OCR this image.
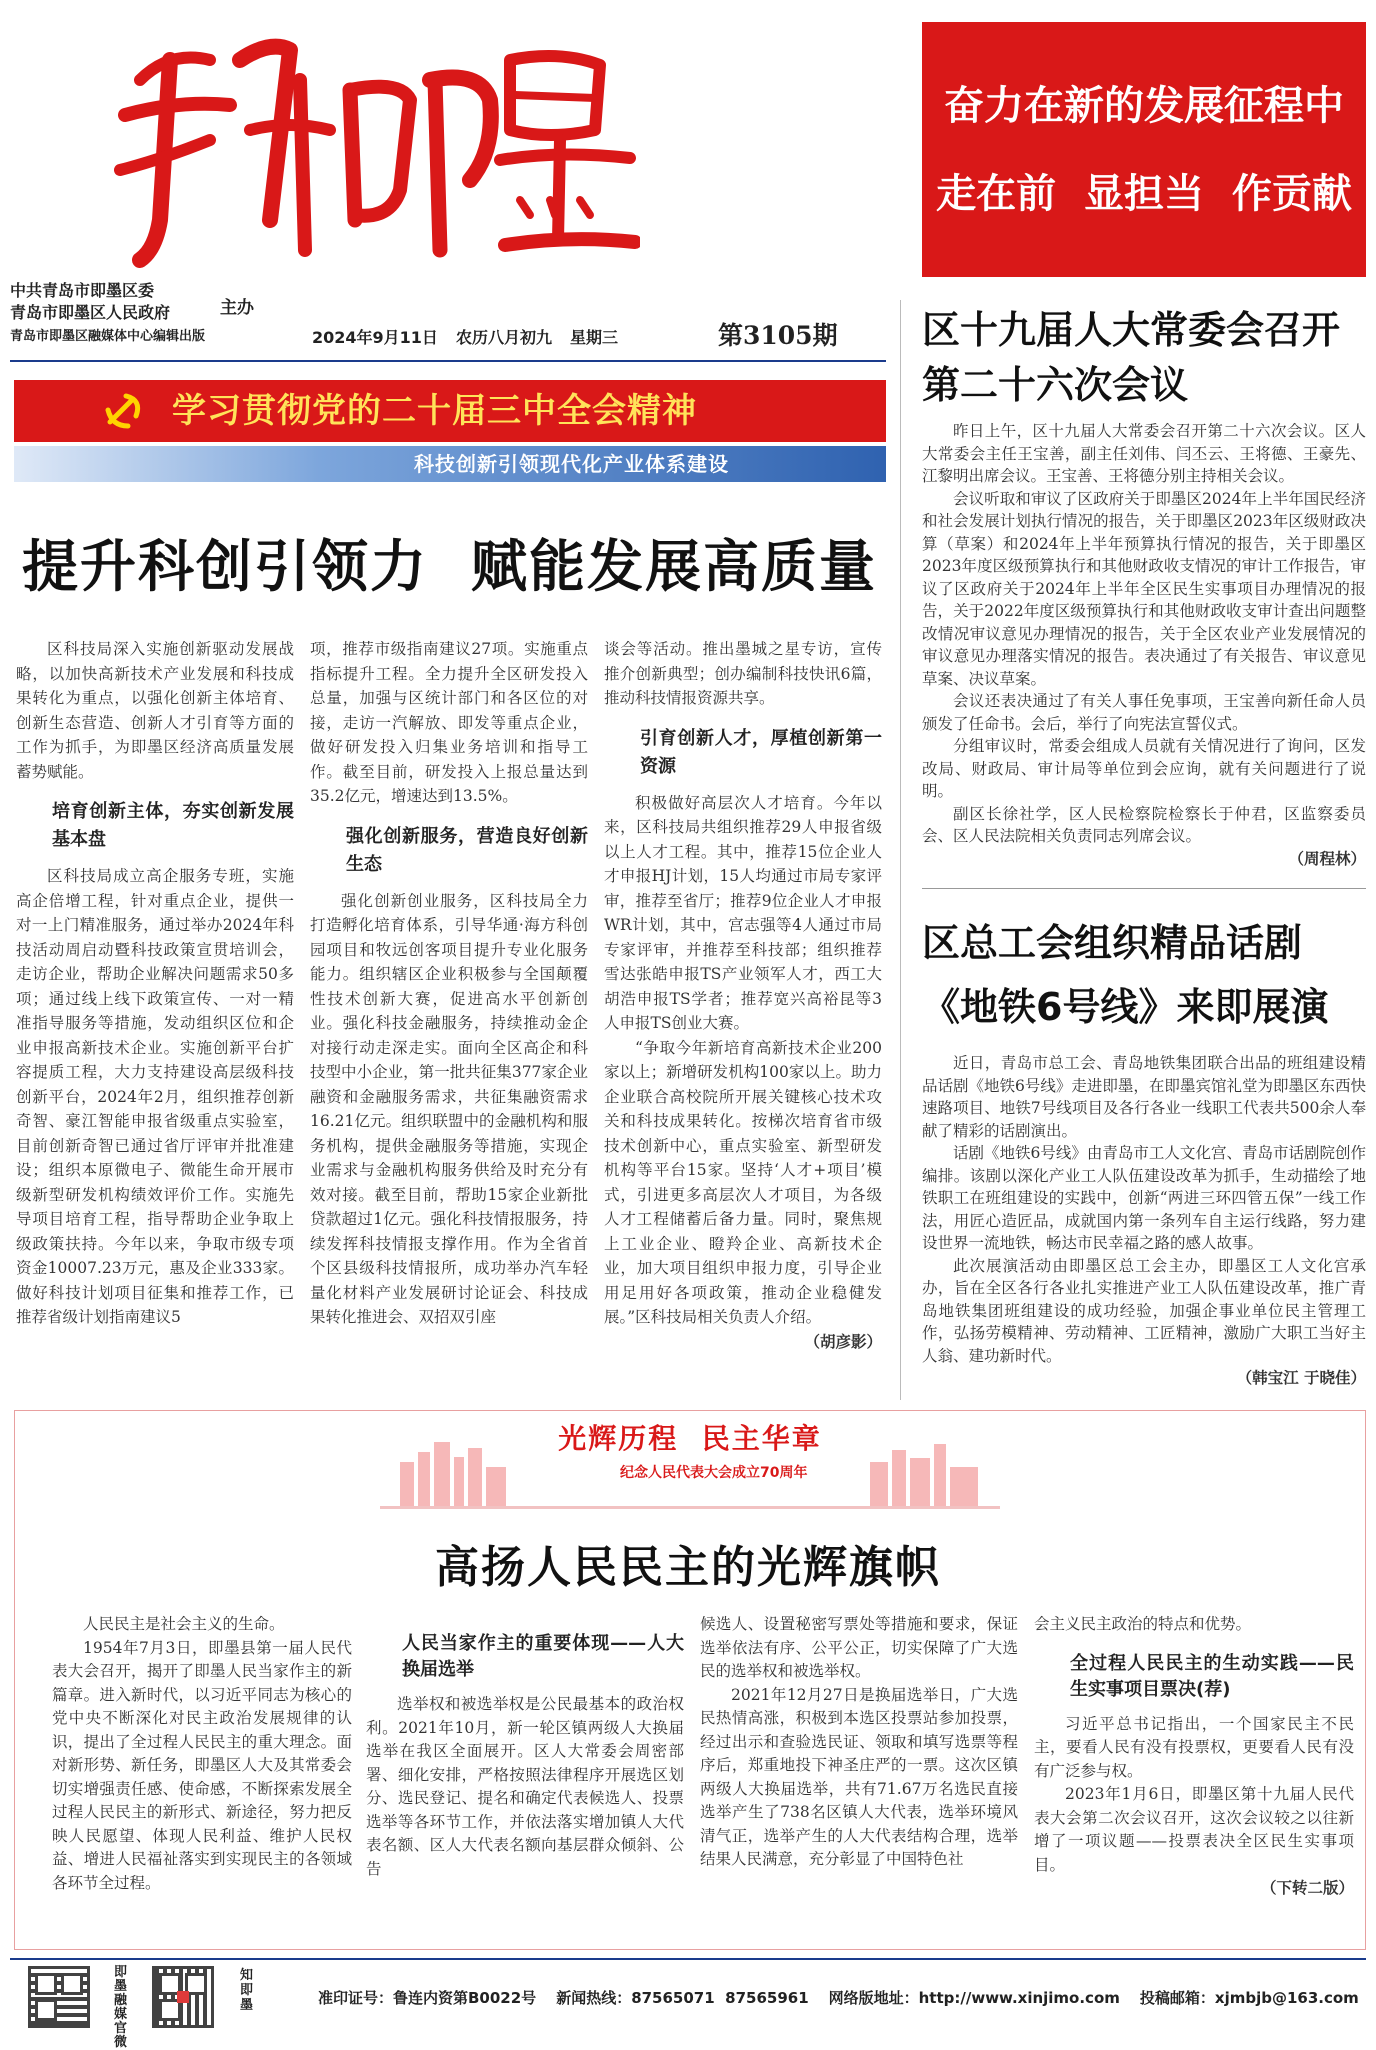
中共青岛市即墨区委
青岛市即墨区人民政府
青岛市即墨区融媒体中心编辑出版
主办
2024年9月11日 农历八月初九 星期三	第3105期
奋力在新的发展征程中
走在前  显担当  作贡献
学习贯彻党的二十届三中全会精神
科技创新引领现代化产业体系建设
提升科创引领力  赋能发展高质量

区科技局深入实施创新驱动发展战略，以加快高新技术产业发展和科技成果转化为重点，以强化创新主体培育、创新生态营造、创新人才引育等方面的工作为抓手，为即墨区经济高质量发展蓄势赋能。

培育创新主体，夯实创新发展基本盘

区科技局成立高企服务专班，实施高企倍增工程，针对重点企业，提供一对一上门精准服务，通过举办2024年科技活动周启动暨科技政策宣贯培训会，走访企业，帮助企业解决问题需求50多项；通过线上线下政策宣传、一对一精准指导服务等措施，发动组织区位和企业申报高新技术企业。实施创新平台扩容提质工程，大力支持建设高层级科技创新平台，2024年2月，组织推荐创新奇智、豪江智能申报省级重点实验室，目前创新奇智已通过省厅评审并批准建设；组织本原微电子、微能生命开展市级新型研发机构绩效评价工作。实施先导项目培育工程，指导帮助企业争取上级政策扶持。今年以来，争取市级专项资金10007.23万元，惠及企业333家。做好科技计划项目征集和推荐工作，已推荐省级计划指南建议5

项，推荐市级指南建议27项。实施重点指标提升工程。全力提升全区研发投入总量，加强与区统计部门和各区位的对接，走访一汽解放、即发等重点企业，做好研发投入归集业务培训和指导工作。截至目前，研发投入上报总量达到35.2亿元，增速达到13.5%。

强化创新服务，营造良好创新生态

强化创新创业服务，区科技局全力打造孵化培育体系，引导华通·海方科创园项目和牧远创客项目提升专业化服务能力。组织辖区企业积极参与全国颠覆性技术创新大赛，促进高水平创新创业。强化科技金融服务，持续推动金企对接行动走深走实。面向全区高企和科技型中小企业，第一批共征集377家企业融资和金融服务需求，共征集融资需求16.21亿元。组织联盟中的金融机构和服务机构，提供金融服务等措施，实现企业需求与金融机构服务供给及时充分有效对接。截至目前，帮助15家企业新批贷款超过1亿元。强化科技情报服务，持续发挥科技情报支撑作用。作为全省首个区县级科技情报所，成功举办汽车轻量化材料产业发展研讨论证会、科技成果转化推进会、双招双引座

谈会等活动。推出墨城之星专访，宣传推介创新典型；创办编制科技快讯6篇，推动科技情报资源共享。

引育创新人才，厚植创新第一资源

积极做好高层次人才培育。今年以来，区科技局共组织推荐29人申报省级以上人才工程。其中，推荐15位企业人才申报HJ计划，15人均通过市局专家评审，推荐至省厅；推荐9位企业人才申报WR计划，其中，宫志强等4人通过市局专家评审，并推荐至科技部；组织推荐雪达张皓申报TS产业领军人才，西工大胡浩申报TS学者；推荐宽兴高裕昆等3人申报TS创业大赛。

“争取今年新培育高新技术企业200家以上；新增研发机构100家以上。助力企业联合高校院所开展关键核心技术攻关和科技成果转化。按梯次培育省市级技术创新中心，重点实验室、新型研发机构等平台15家。坚持‘人才+项目’模式，引进更多高层次人才项目，为各级人才工程储蓄后备力量。同时，聚焦规上工业企业、瞪羚企业、高新技术企业，加大项目组织申报力度，引导企业用足用好各项政策，推动企业稳健发展。”区科技局相关负责人介绍。

（胡彦影）
区十九届人大常委会召开
第二十六次会议

昨日上午，区十九届人大常委会召开第二十六次会议。区人大常委会主任王宝善，副主任刘伟、闫丕云、王将德、王豪先、江黎明出席会议。王宝善、王将德分别主持相关会议。

会议听取和审议了区政府关于即墨区2024年上半年国民经济和社会发展计划执行情况的报告，关于即墨区2023年区级财政决算（草案）和2024年上半年预算执行情况的报告，关于即墨区2023年度区级预算执行和其他财政收支情况的审计工作报告，审议了区政府关于2024年上半年全区民生实事项目办理情况的报告，关于2022年度区级预算执行和其他财政收支审计查出问题整改情况审议意见办理情况的报告，关于全区农业产业发展情况的审议意见办理落实情况的报告。表决通过了有关报告、审议意见草案、决议草案。

会议还表决通过了有关人事任免事项，王宝善向新任命人员颁发了任命书。会后，举行了向宪法宣誓仪式。

分组审议时，常委会组成人员就有关情况进行了询问，区发改局、财政局、审计局等单位到会应询，就有关问题进行了说明。

副区长徐社学，区人民检察院检察长于仲君，区监察委员会、区人民法院相关负责同志列席会议。

（周程林）
区总工会组织精品话剧
《地铁6号线》来即展演

近日，青岛市总工会、青岛地铁集团联合出品的班组建设精品话剧《地铁6号线》走进即墨，在即墨宾馆礼堂为即墨区东西快速路项目、地铁7号线项目及各行各业一线职工代表共500余人奉献了精彩的话剧演出。

话剧《地铁6号线》由青岛市工人文化宫、青岛市话剧院创作编排。该剧以深化产业工人队伍建设改革为抓手，生动描绘了地铁职工在班组建设的实践中，创新“两进三环四管五保”一线工作法，用匠心造匠品，成就国内第一条列车自主运行线路，努力建设世界一流地铁，畅达市民幸福之路的感人故事。

此次展演活动由即墨区总工会主办，即墨区工人文化宫承办，旨在全区各行各业扎实推进产业工人队伍建设改革，推广青岛地铁集团班组建设的成功经验，加强企事业单位民主管理工作，弘扬劳模精神、劳动精神、工匠精神，激励广大职工当好主人翁、建功新时代。

（韩宝江 于晓佳）
光辉历程  民主华章
纪念人民代表大会成立70周年
高扬人民民主的光辉旗帜

人民民主是社会主义的生命。

1954年7月3日，即墨县第一届人民代表大会召开，揭开了即墨人民当家作主的新篇章。进入新时代，以习近平同志为核心的党中央不断深化对民主政治发展规律的认识，提出了全过程人民民主的重大理念。面对新形势、新任务，即墨区人大及其常委会切实增强责任感、使命感，不断探索发展全过程人民民主的新形式、新途径，努力把反映人民愿望、体现人民利益、维护人民权益、增进人民福祉落实到实现民主的各领域各环节全过程。

人民当家作主的重要体现——人大换届选举

选举权和被选举权是公民最基本的政治权利。2021年10月，新一轮区镇两级人大换届选举在我区全面展开。区人大常委会周密部署、细化安排，严格按照法律程序开展选区划分、选民登记、提名和确定代表候选人、投票选举等各环节工作，并依法落实增加镇人大代表名额、区人大代表名额向基层群众倾斜、公告

候选人、设置秘密写票处等措施和要求，保证选举依法有序、公平公正，切实保障了广大选民的选举权和被选举权。

2021年12月27日是换届选举日，广大选民热情高涨，积极到本选区投票站参加投票，经过出示和查验选民证、领取和填写选票等程序后，郑重地投下神圣庄严的一票。这次区镇两级人大换届选举，共有71.67万名选民直接选举产生了738名区镇人大代表，选举环境风清气正，选举产生的人大代表结构合理，选举结果人民满意，充分彰显了中国特色社

会主义民主政治的特点和优势。

全过程人民民主的生动实践——民生实事项目票决(荐)

习近平总书记指出，一个国家民主不民主，要看人民有没有投票权，更要看人民有没有广泛参与权。

2023年1月6日，即墨区第十九届人民代表大会第二次会议召开，这次会议较之以往新增了一项议题——投票表决全区民生实事项目。

（下转二版）
即墨融媒官微
知即墨	准印证号：鲁连内资第B0022号 新闻热线：87565071  87565961 网络版地址：http://www.xinjimo.com 投稿邮箱：xjmbjb@163.com
